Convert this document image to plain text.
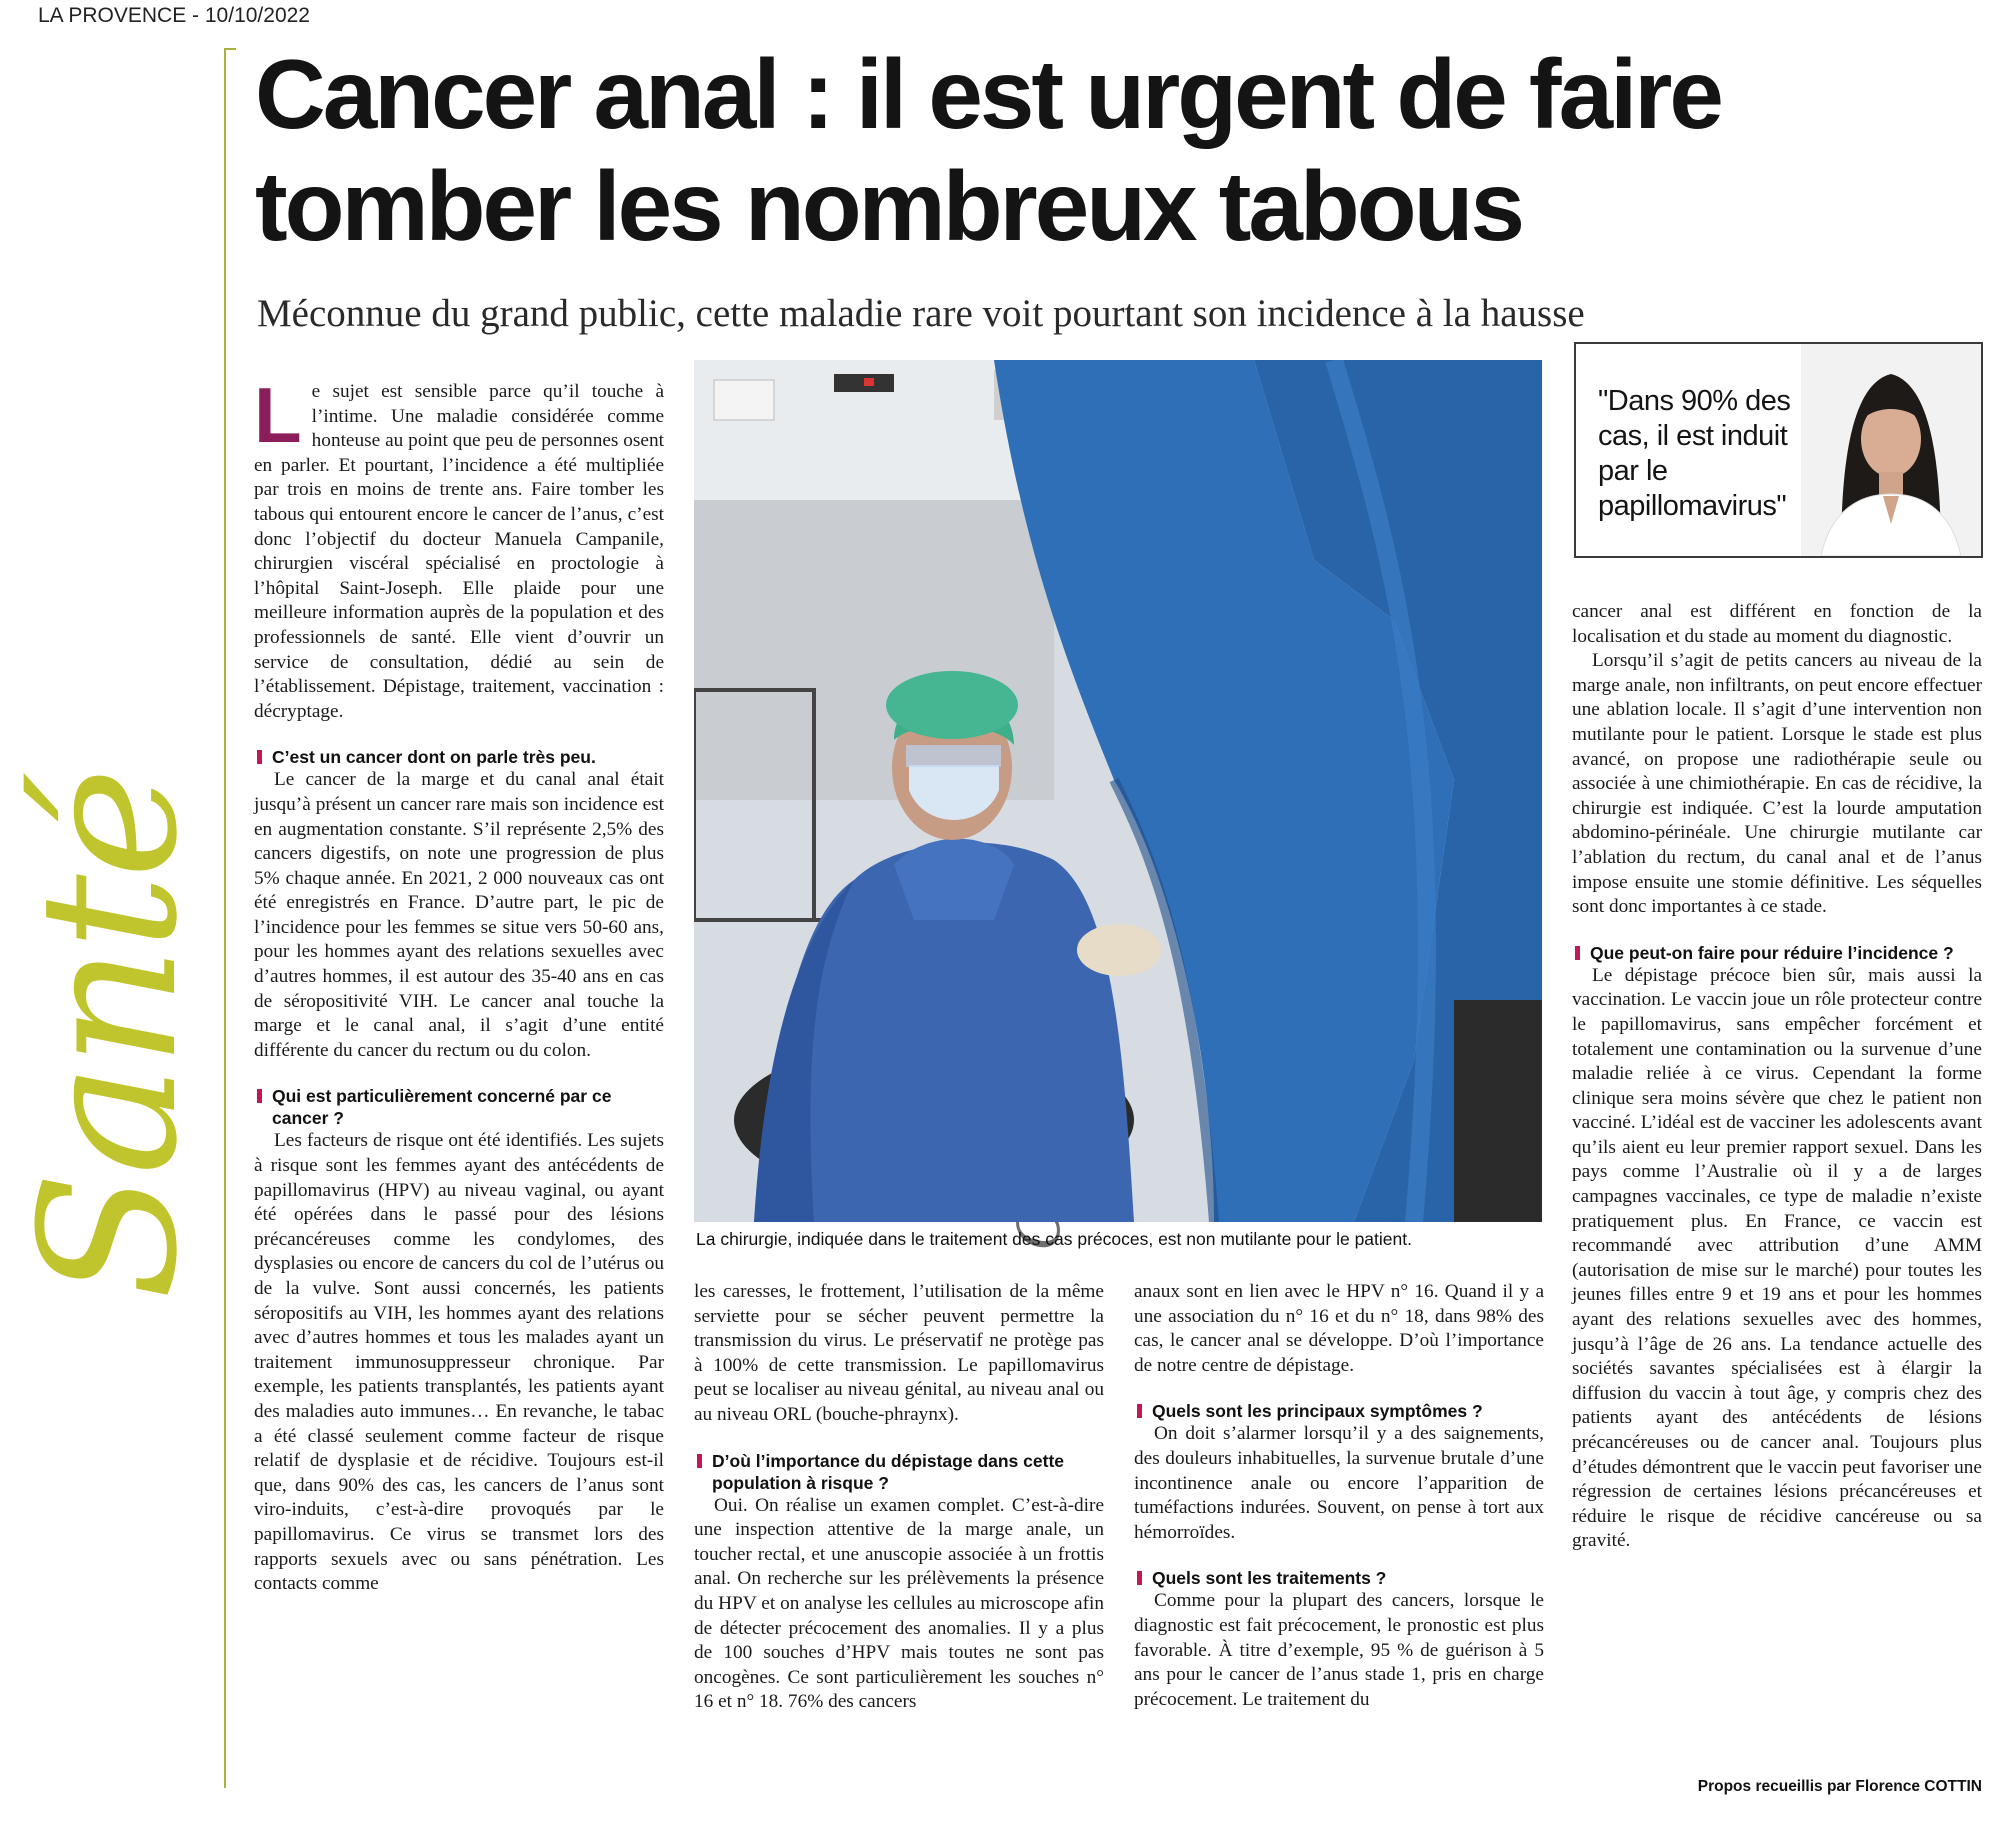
LA PROVENCE - 10/10/2022
Santé
Cancer anal : il est urgent de faire tomber les nombreux tabous
Méconnue du grand public, cette maladie rare voit pourtant son incidence à la hausse

Le sujet est sensible parce qu’il touche à l’intime. Une maladie considérée comme honteuse au point que peu de personnes osent en parler. Et pourtant, l’incidence a été multipliée par trois en moins de trente ans. Faire tomber les tabous qui entourent encore le cancer de l’anus, c’est donc l’objectif du docteur Manuela Campanile, chirurgien viscéral spécialisé en proctologie à l’hôpital Saint-Joseph. Elle plaide pour une meilleure information auprès de la population et des professionnels de santé. Elle vient d’ouvrir un service de consultation, dédié au sein de l’établissement. Dépistage, traitement, vaccination : décryptage.

C’est un cancer dont on parle très peu.

Le cancer de la marge et du canal anal était jusqu’à présent un cancer rare mais son incidence est en augmentation constante. S’il représente 2,5% des cancers digestifs, on note une progression de plus 5% chaque année. En 2021, 2 000 nouveaux cas ont été enregistrés en France. D’autre part, le pic de l’incidence pour les femmes se situe vers 50-60 ans, pour les hommes ayant des relations sexuelles avec d’autres hommes, il est autour des 35-40 ans en cas de séropositivité VIH. Le cancer anal touche la marge et le canal anal, il s’agit d’une entité différente du cancer du rectum ou du colon.

Qui est particulièrement concerné par ce cancer ?

Les facteurs de risque ont été identifiés. Les sujets à risque sont les femmes ayant des antécédents de papillomavirus (HPV) au niveau vaginal, ou ayant été opérées dans le passé pour des lésions précancéreuses comme les condylomes, des dysplasies ou encore de cancers du col de l’utérus ou de la vulve. Sont aussi concernés, les patients séropositifs au VIH, les hommes ayant des relations avec d’autres hommes et tous les malades ayant un traitement immunosuppresseur chronique. Par exemple, les patients transplantés, les patients ayant des maladies auto immunes… En revanche, le tabac a été classé seulement comme facteur de risque relatif de dysplasie et de récidive. Toujours est-il que, dans 90% des cas, les cancers de l’anus sont viro-induits, c’est-à-dire provoqués par le papillomavirus. Ce virus se transmet lors des rapports sexuels avec ou sans pénétration. Les contacts comme

La chirurgie, indiquée dans le traitement des cas précoces, est non mutilante pour le patient.

les caresses, le frottement, l’utilisation de la même serviette pour se sécher peuvent permettre la transmission du virus. Le préservatif ne protège pas à 100% de cette transmission. Le papillomavirus peut se localiser au niveau génital, au niveau anal ou au niveau ORL (bouche-phraynx).

D’où l’importance du dépistage dans cette population à risque ?

Oui. On réalise un examen complet. C’est-à-dire une inspection attentive de la marge anale, un toucher rectal, et une anuscopie associée à un frottis anal. On recherche sur les prélèvements la présence du HPV et on analyse les cellules au microscope afin de détecter précocement des anomalies. Il y a plus de 100 souches d’HPV mais toutes ne sont pas oncogènes. Ce sont particulièrement les souches n° 16 et n° 18. 76% des cancers

anaux sont en lien avec le HPV n° 16. Quand il y a une association du n° 16 et du n° 18, dans 98% des cas, le cancer anal se développe. D’où l’importance de notre centre de dépistage.

Quels sont les principaux symptômes ?

On doit s’alarmer lorsqu’il y a des saignements, des douleurs inhabituelles, la survenue brutale d’une incontinence anale ou encore l’apparition de tuméfactions indurées. Souvent, on pense à tort aux hémorroïdes.

Quels sont les traitements ?

Comme pour la plupart des cancers, lorsque le diagnostic est fait précocement, le pronostic est plus favorable. À titre d’exemple, 95 % de guérison à 5 ans pour le cancer de l’anus stade 1, pris en charge précocement. Le traitement du

"Dans 90% des cas, il est induit par le papillomavirus"

cancer anal est différent en fonction de la localisation et du stade au moment du diagnostic.

Lorsqu’il s’agit de petits cancers au niveau de la marge anale, non infiltrants, on peut encore effectuer une ablation locale. Il s’agit d’une intervention non mutilante pour le patient. Lorsque le stade est plus avancé, on propose une radiothérapie seule ou associée à une chimiothérapie. En cas de récidive, la chirurgie est indiquée. C’est la lourde amputation abdomino-périnéale. Une chirurgie mutilante car l’ablation du rectum, du canal anal et de l’anus impose ensuite une stomie définitive. Les séquelles sont donc importantes à ce stade.

Que peut-on faire pour réduire l’incidence ?

Le dépistage précoce bien sûr, mais aussi la vaccination. Le vaccin joue un rôle protecteur contre le papillomavirus, sans empêcher forcément et totalement une contamination ou la survenue d’une maladie reliée à ce virus. Cependant la forme clinique sera moins sévère que chez le patient non vacciné. L’idéal est de vacciner les adolescents avant qu’ils aient eu leur premier rapport sexuel. Dans les pays comme l’Australie où il y a de larges campagnes vaccinales, ce type de maladie n’existe pratiquement plus. En France, ce vaccin est recommandé avec attribution d’une AMM (autorisation de mise sur le marché) pour toutes les jeunes filles entre 9 et 19 ans et pour les hommes ayant des relations sexuelles avec des hommes, jusqu’à l’âge de 26 ans. La tendance actuelle des sociétés savantes spécialisées est à élargir la diffusion du vaccin à tout âge, y compris chez des patients ayant des antécédents de lésions précancéreuses ou de cancer anal. Toujours plus d’études démontrent que le vaccin peut favoriser une régression de certaines lésions précancéreuses et réduire le risque de récidive cancéreuse ou sa gravité.

Propos recueillis par Florence COTTIN
